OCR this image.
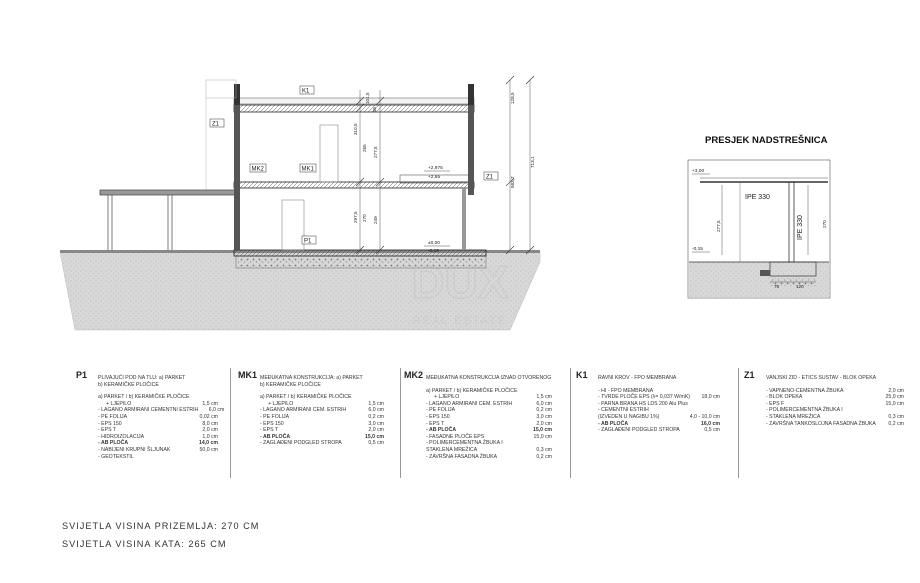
K1
Z1
MK2	MK1
Z1
P1
+2,975
+2,65
±0,00
-0,19
101,5
35
310,5
265 277,5
297,5 270 249
128,5
583,7
713,1
DUX
REAL ESTATE
PRESJEK NADSTREŠNICA
+3,00
-0,15
IPE 330
IPE 330
277,5	270
75	120
P1 PLIVAJUĆI POD NA TLU: a) PARKET
b) KERAMIČKE PLOČICE
a) PARKET / b) KERAMIČKE PLOČICE
+ LJEPILO	1,5 cm
- LAGANO ARMIRANI CEMENTNI ESTRIH	6,0 cm
- PE FOLIJA	0,02 cm
- EPS 150	8,0 cm
- EPS T	2,0 cm
- HIDROIZOLACIJA	1,0 cm
- AB PLOČA	14,0 cm
- NABIJENI KRUPNI ŠLJUNAK	50,0 cm
- GEOTEKSTIL
MK1 MEĐUKATNA KONSTRUKCIJA: a) PARKET
b) KERAMIČKE PLOČICE
a) PARKET / b) KERAMIČKE PLOČICE
+ LJEPILO	1,5 cm
- LAGANO ARMIRANI CEM. ESTRIH	6,0 cm
- PE FOLIJA	0,2 cm
- EPS 150	3,0 cm
- EPS T	2,0 cm
- AB PLOČA	15,0 cm
- ZAGLAĐENI PODGLED STROPA	0,5 cm
MK2 MEĐUKATNA KONSTRUKCIJA IZNAD OTVORENOG
a) PARKET / b) KERAMIČKE PLOČICE
+ LJEPILO	1,5 cm
- LAGANO ARMIRANI CEM. ESTRIH	6,0 cm
- PE FOLIJA	0,2 cm
- EPS 150	3,0 cm
- EPS T	2,0 cm
- AB PLOČA	15,0 cm
- FASADNE PLOČE EPS	15,0 cm
- POLIMERCEMENTNA ŽBUKA I
STAKLENA MREŽICA	0,3 cm
- ZAVRŠNA FASADNA ŽBUKA	0,2 cm
K1 RAVNI KROV - FPO MEMBRANA
- HI - FPO MEMBRANA
- TVRDE PLOČE EPS (λ= 0,037 W/mK)	18,0 cm
- PARNA BRANA HS LDS 200 Alu Plus
- CEMENTNI ESTRIH
(IZVEDEN U NAGIBU 1%)	4,0 - 10,0 cm
- AB PLOČA	16,0 cm
- ZAGLAĐENI PODGLED STROPA	0,5 cm
Z1 VANJSKI ZID - ETICS SUSTAV - BLOK OPEKA
- VAPNENO-CEMENTNA ŽBUKA	2,0 cm
- BLOK OPEKA	25,0 cm
- EPS F	15,0 cm
- POLIMERCEMENTNA ŽBUKA I
- STAKLENA MREŽICA	0,3 cm
- ZAVRŠNA TANKOSLOJNA FASADNA ŽBUKA	0,2 cm
SVIJETLA VISINA PRIZEMLJA: 270 CM
SVIJETLA VISINA KATA: 265 CM
